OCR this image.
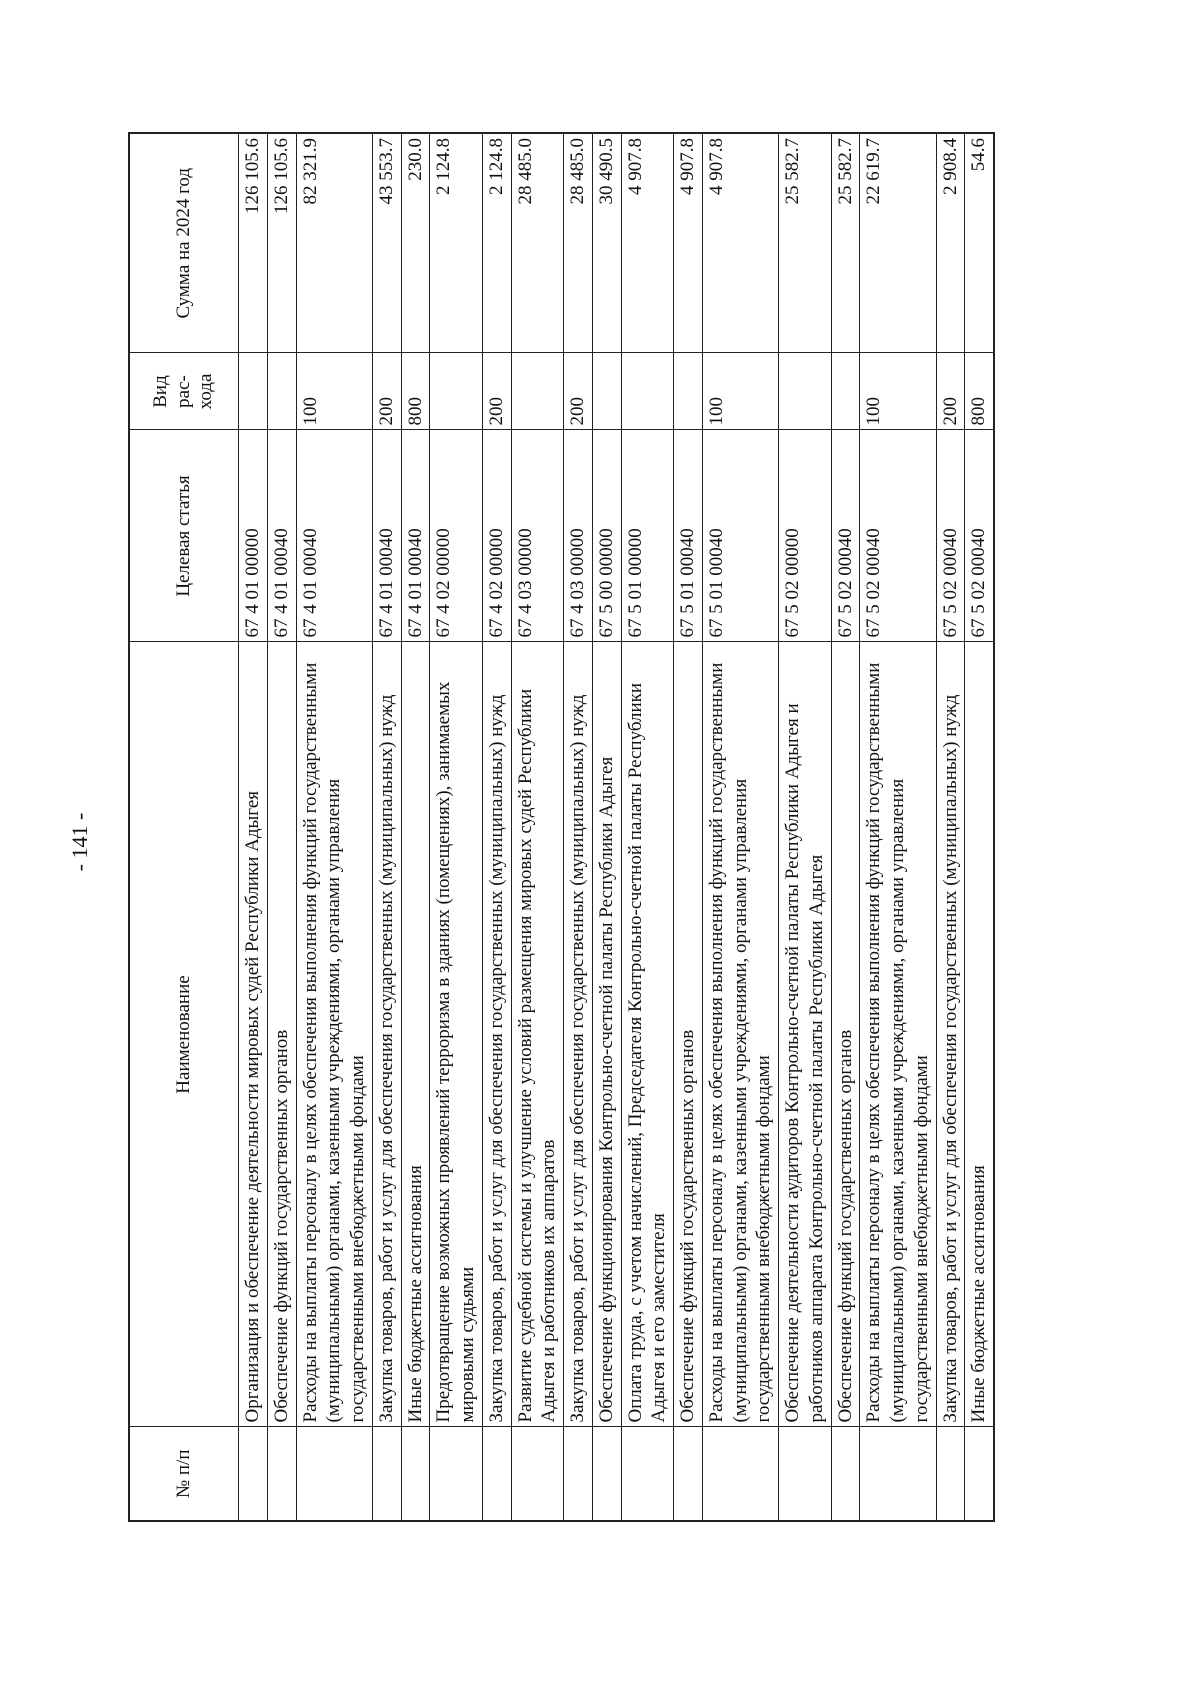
- 141 -
№ п/п	Наименование	Целевая статья	Вид рас-хода	Сумма на 2024 год
	Организация и обеспечение деятельности мировых судей Республики Адыгея	67 4 01 00000		126 105.6
	Обеспечение функций государственных органов	67 4 01 00040		126 105.6
	Расходы на выплаты персоналу в целях обеспечения выполнения функций государственными (муниципальными) органами, казенными учреждениями, органами управления государственными внебюджетными фондами	67 4 01 00040	100	82 321.9
	Закупка товаров, работ и услуг для обеспечения государственных (муниципальных) нужд	67 4 01 00040	200	43 553.7
	Иные бюджетные ассигнования	67 4 01 00040	800	230.0
	Предотвращение возможных проявлений терроризма в зданиях (помещениях), занимаемых мировыми судьями	67 4 02 00000		2 124.8
	Закупка товаров, работ и услуг для обеспечения государственных (муниципальных) нужд	67 4 02 00000	200	2 124.8
	Развитие судебной системы и улучшение условий размещения мировых судей Республики Адыгея и работников их аппаратов	67 4 03 00000		28 485.0
	Закупка товаров, работ и услуг для обеспечения государственных (муниципальных) нужд	67 4 03 00000	200	28 485.0
	Обеспечение функционирования Контрольно-счетной палаты Республики Адыгея	67 5 00 00000		30 490.5
	Оплата труда, с учетом начислений, Председателя Контрольно-счетной палаты Республики Адыгея и его заместителя	67 5 01 00000		4 907.8
	Обеспечение функций государственных органов	67 5 01 00040		4 907.8
	Расходы на выплаты персоналу в целях обеспечения выполнения функций государственными (муниципальными) органами, казенными учреждениями, органами управления государственными внебюджетными фондами	67 5 01 00040	100	4 907.8
	Обеспечение деятельности аудиторов Контрольно-счетной палаты Республики Адыгея и работников аппарата Контрольно-счетной палаты Республики Адыгея	67 5 02 00000		25 582.7
	Обеспечение функций государственных органов	67 5 02 00040		25 582.7
	Расходы на выплаты персоналу в целях обеспечения выполнения функций государственными (муниципальными) органами, казенными учреждениями, органами управления государственными внебюджетными фондами	67 5 02 00040	100	22 619.7
	Закупка товаров, работ и услуг для обеспечения государственных (муниципальных) нужд	67 5 02 00040	200	2 908.4
	Иные бюджетные ассигнования	67 5 02 00040	800	54.6
